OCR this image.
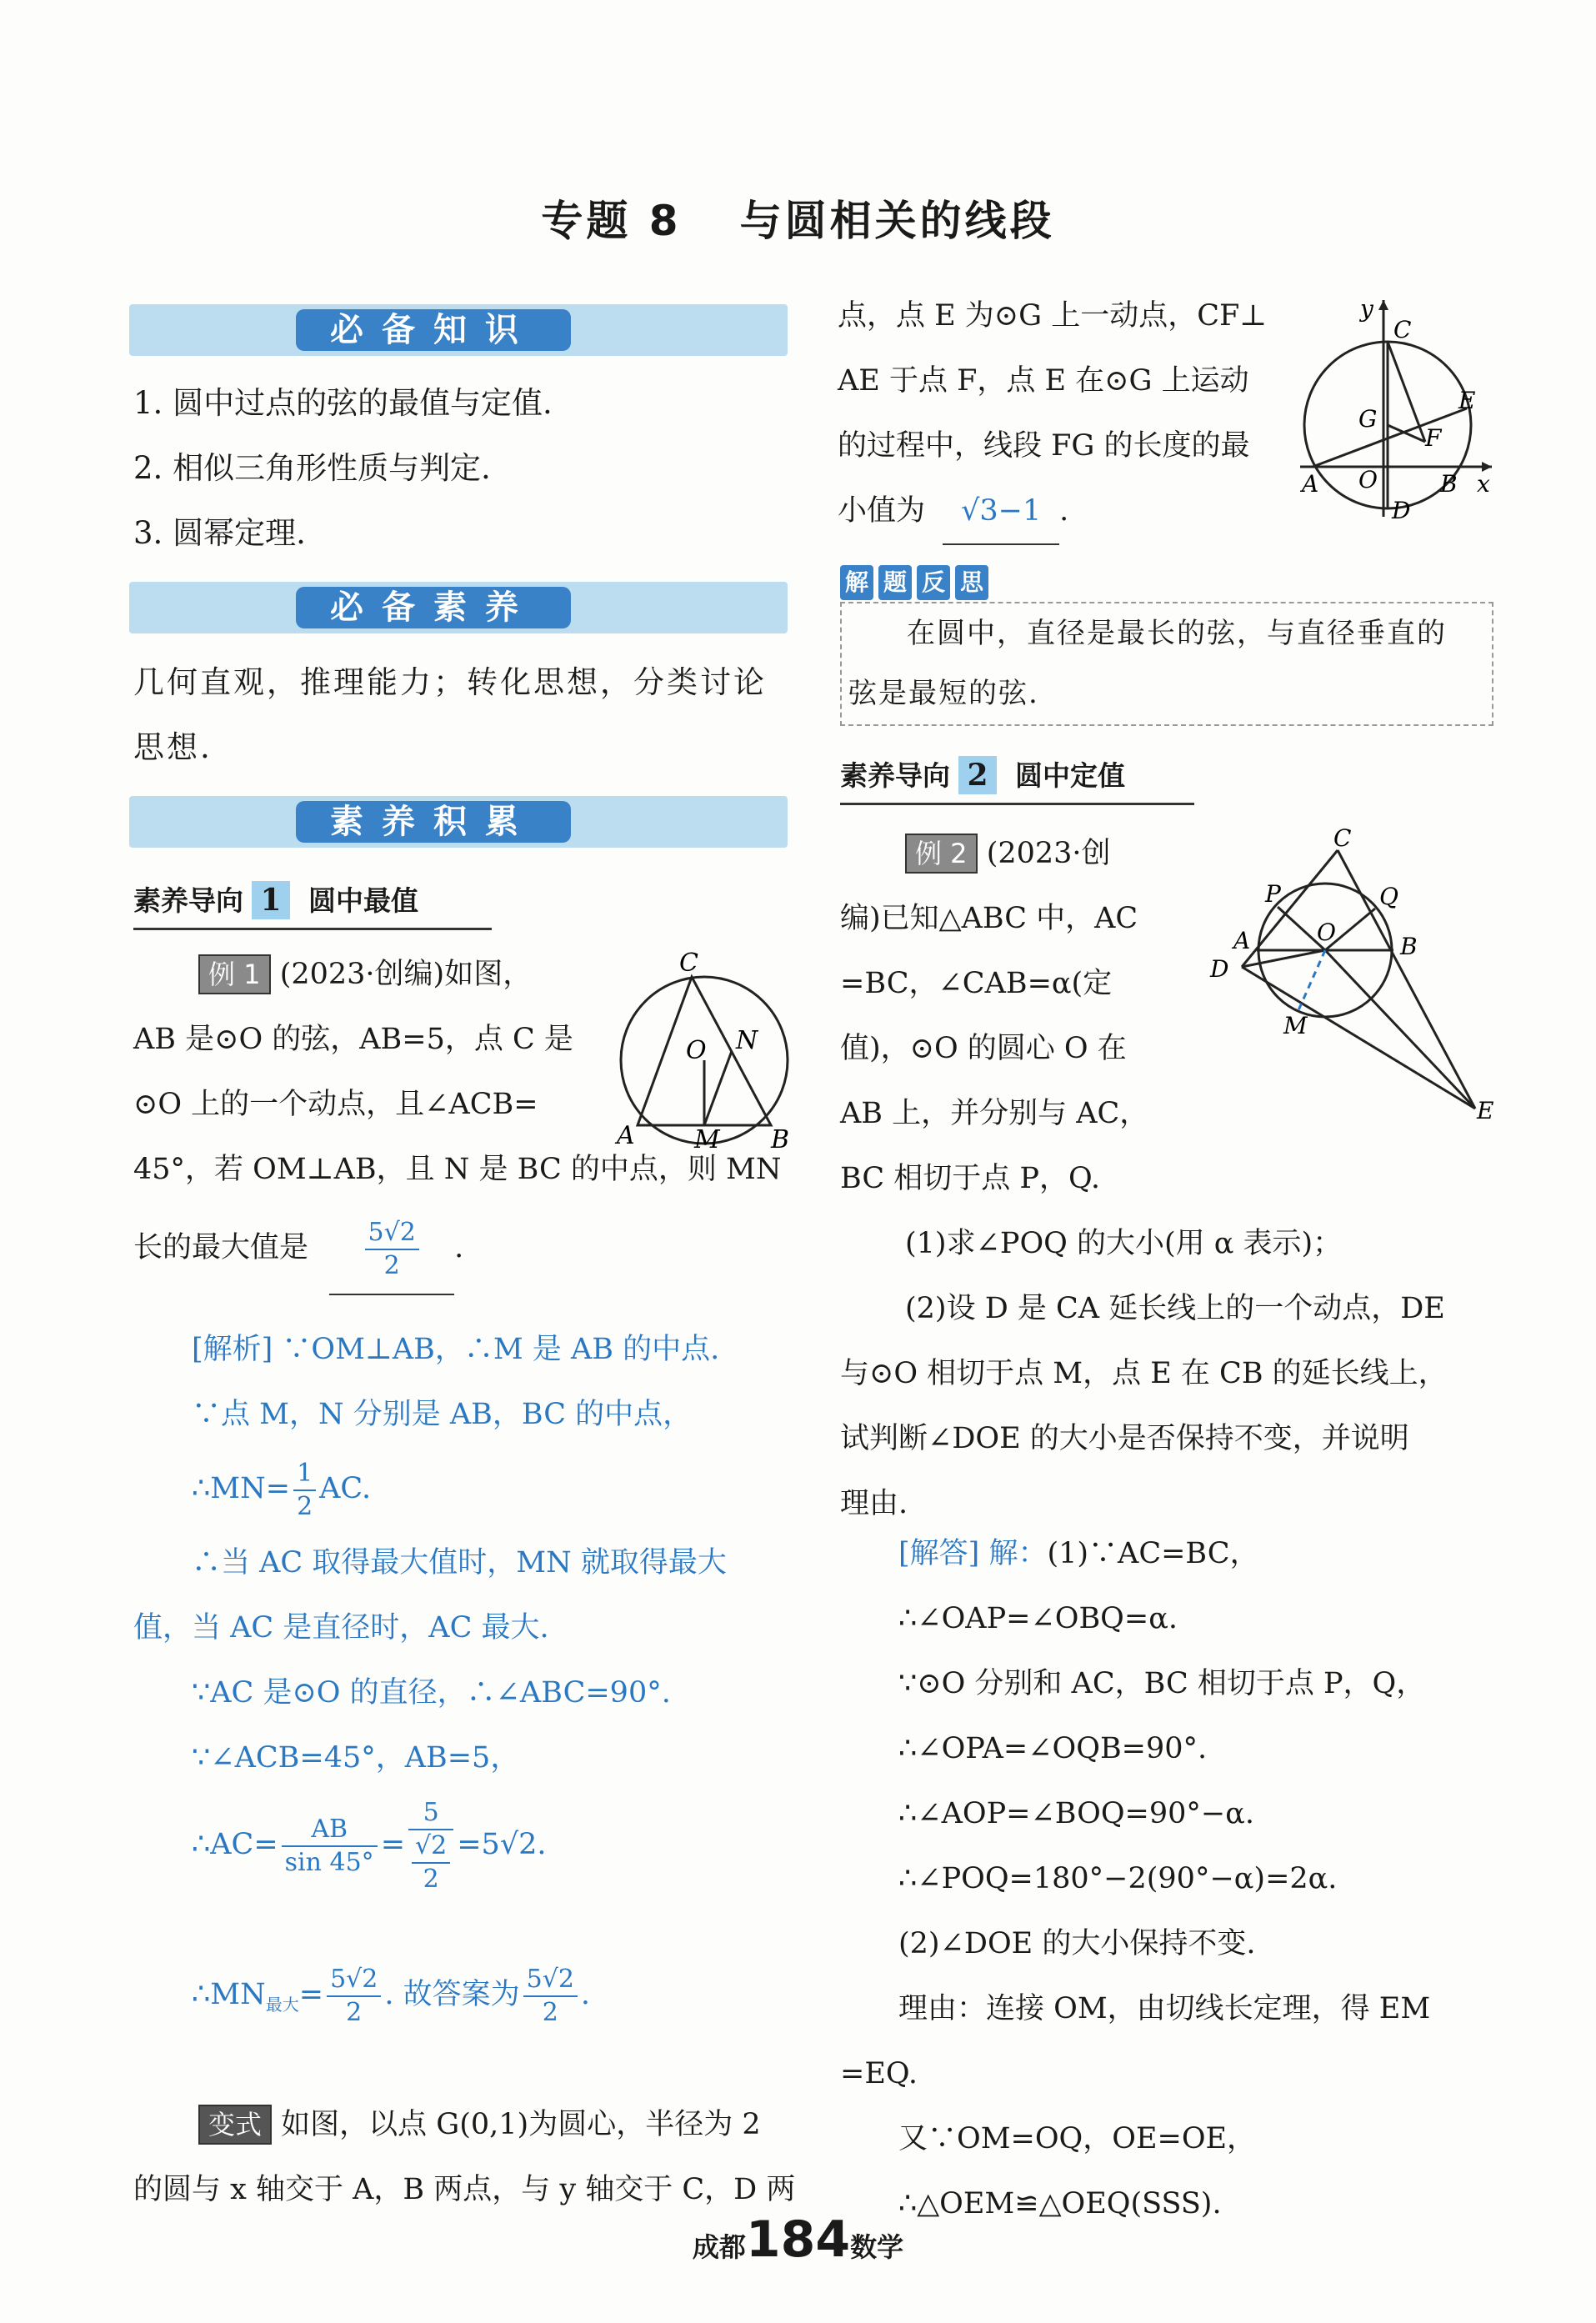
专题 8 与圆相关的线段
必备知识
1. 圆中过点的弦的最值与定值.
2. 相似三角形性质与判定.
3. 圆幂定理.
必备素养
几何直观，推理能力；转化思想，分类讨论
思想.
素养积累
素养导向 1 圆中最值
例 1 (2023·创编)如图，
AB 是⊙O 的弦，AB=5，点 C 是
⊙O 上的一个动点，且∠ACB=
45°，若 OM⊥AB，且 N 是 BC 的中点，则 MN
长的最大值是 $\frac{5√2}{2}$ .
C
O N
A M B
[解析] ∵OM⊥AB，∴M 是 AB 的中点.
∵点 M，N 分别是 AB，BC 的中点，
∴MN= $\frac{1}{2}$ AC.
∴当 AC 取得最大值时，MN 就取得最大
值，当 AC 是直径时，AC 最大.
∵AC 是⊙O 的直径，∴∠ABC=90°.
∵∠ACB=45°，AB=5，
∴AC= $\frac{AB}{\sin 45^\circ} = \frac{5}{\frac{√2}{2}} =5√2$.
$\therefore MN_{最大}= \frac{5√2}{2}$ . 故答案为 $\frac{5√2}{2}$ .
变式 如图，以点 G(0,1)为圆心，半径为 2
的圆与 x 轴交于 A，B 两点，与 y 轴交于 C，D 两
点，点 E 为⊙G 上一动点，CF⊥
AE 于点 F，点 E 在⊙G 上运动
的过程中，线段 FG 的长度的最
小值为 √3−1 .
y
C
G
E
F
A O	B x
D
解 题 反 思
在圆中，直径是最长的弦，与直径垂直的
弦是最短的弦.
素养导向 2 圆中定值
例 2 (2023·创
编)已知△ABC 中，AC
=BC，∠CAB=α(定
值)，⊙O 的圆心 O 在
AB 上，并分别与 AC，
BC 相切于点 P，Q.
(1)求∠POQ 的大小(用 α 表示)；
(2)设 D 是 CA 延长线上的一个动点，DE
与⊙O 相切于点 M，点 E 在 CB 的延长线上，
试判断∠DOE 的大小是否保持不变，并说明
理由.
C
P	Q
O
A	B
D
M
E
[解答] 解：(1)∵AC=BC，
∴∠OAP=∠OBQ=α.
∵⊙O 分别和 AC，BC 相切于点 P，Q，
∴∠OPA=∠OQB=90°.
∴∠AOP=∠BOQ=90°−α.
∴∠POQ=180°−2(90°−α)=2α.
(2)∠DOE 的大小保持不变.
理由：连接 OM，由切线长定理，得 EM
=EQ.
又∵OM=OQ，OE=OE，
∴△OEM≌△OEQ(SSS).
成都184数学
